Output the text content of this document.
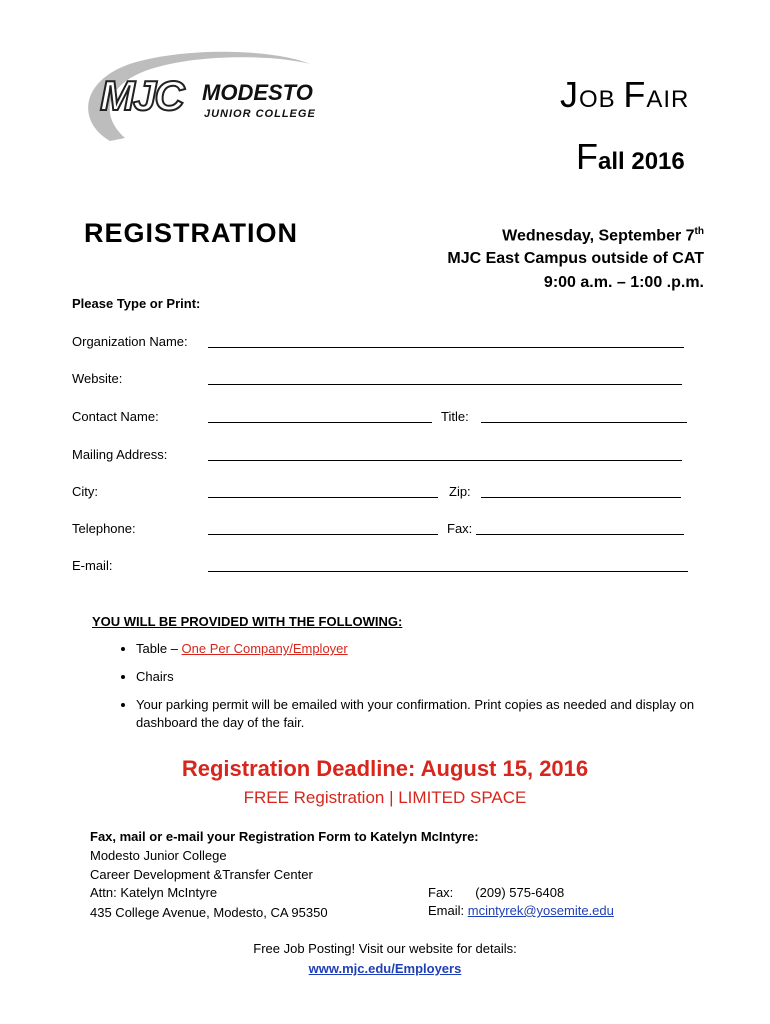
MJC MODESTO
JUNIOR COLLEGE	JOB FAIR
Fall 2016
REGISTRATION	Wednesday, September 7th
MJC East Campus outside of CAT
9:00 a.m. – 1:00 .p.m.
Please Type or Print:
Organization Name:
Website:
Contact Name:	Title:
Mailing Address:
City:	Zip:
Telephone:	Fax:
E-mail:
YOU WILL BE PROVIDED WITH THE FOLLOWING:
• Table – One Per Company/Employer
• Chairs
• Your parking permit will be emailed with your confirmation. Print copies as needed and display on dashboard the day of the fair.
Registration Deadline: August 15, 2016
FREE Registration | LIMITED SPACE
Fax, mail or e-mail your Registration Form to Katelyn McIntyre:
Modesto Junior College
Career Development &Transfer Center
Attn: Katelyn McIntyre
435 College Avenue, Modesto, CA 95350
Fax: (209) 575-6408
Email: mcintyrek@yosemite.edu
Free Job Posting! Visit our website for details:
www.mjc.edu/Employers
